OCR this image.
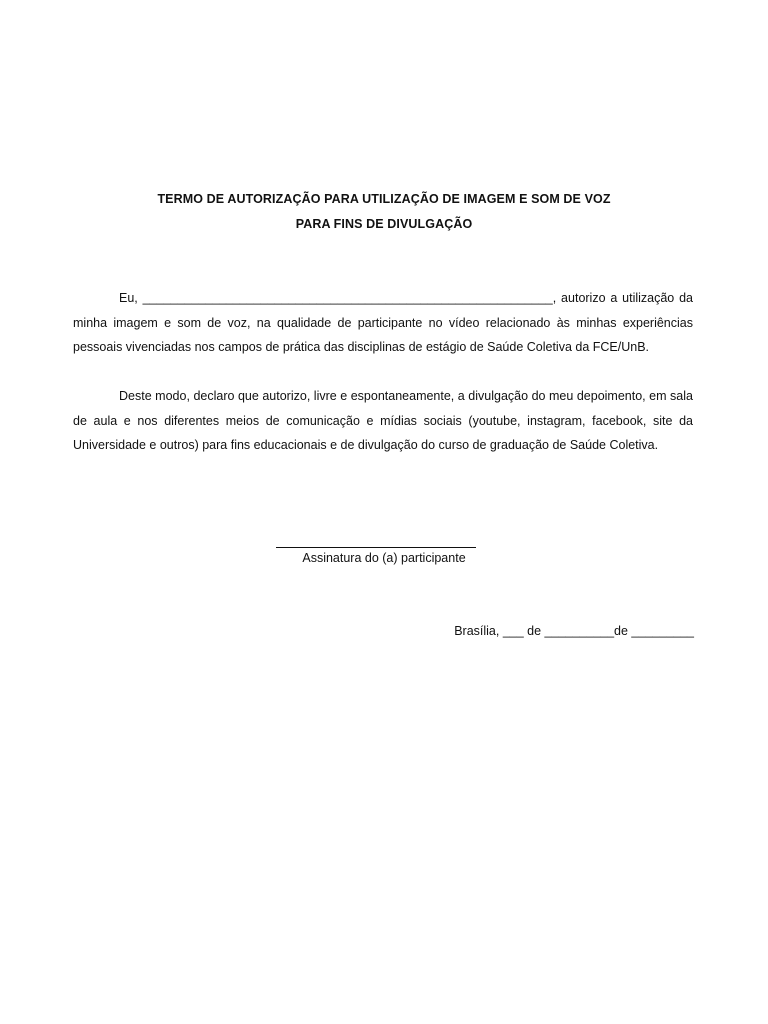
TERMO DE AUTORIZAÇÃO PARA UTILIZAÇÃO DE IMAGEM E SOM DE VOZ
PARA FINS DE DIVULGAÇÃO

Eu, ___________________________________________________________, autorizo a utilização da minha imagem e som de voz, na qualidade de participante no vídeo relacionado às minhas experiências pessoais vivenciadas nos campos de prática das disciplinas de estágio de Saúde Coletiva da FCE/UnB.

Deste modo, declaro que autorizo, livre e espontaneamente, a divulgação do meu depoimento, em sala de aula e nos diferentes meios de comunicação e mídias sociais (youtube, instagram, facebook, site da Universidade e outros) para fins educacionais e de divulgação do curso de graduação de Saúde Coletiva.

Assinatura do (a) participante
Brasília, ___ de __________de _________
